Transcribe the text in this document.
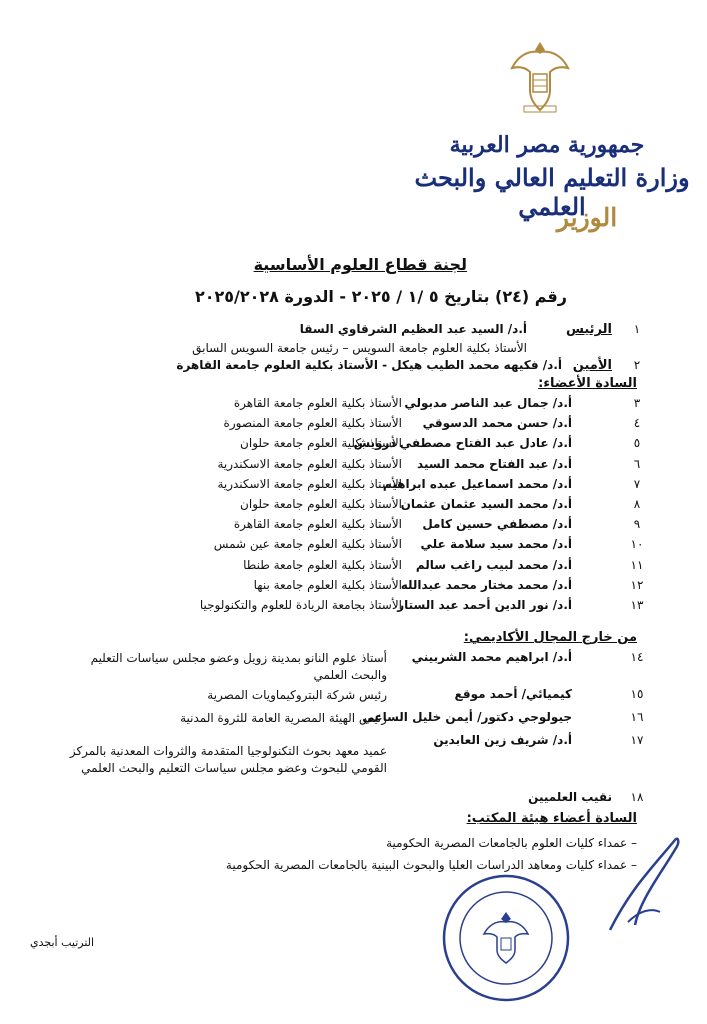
جمهورية مصر العربية
وزارة التعليم العالي والبحث العلمي
الوزير
لجنة قطاع العلوم الأساسية
رقم (٢٤) بتاريخ ٥ /١ / ٢٠٢٥ - الدورة ٢٠٢٥/٢٠٢٨
١
الرئيس
أ.د/ السيد عبد العظيم الشرقاوي السقا
الأستاذ بكلية العلوم جامعة السويس – رئيس جامعة السويس السابق
٢
الأمين
أ.د/ فكيهه محمد الطيب هيكل - الأستاذ بكلية العلوم جامعة القاهرة
السادة الأعضاء:
٣
أ.د/ جمال عبد الناصر مدبولي
الأستاذ بكلية العلوم جامعة القاهرة
٤
أ.د/ حسن محمد الدسوقي
الأستاذ بكلية العلوم جامعة المنصورة
٥
أ.د/ عادل عبد الفتاح مصطفي درويش
الأستاذ بكلية العلوم جامعة حلوان
٦
أ.د/ عبد الفتاح محمد السيد
الأستاذ بكلية العلوم جامعة الاسكندرية
٧
أ.د/ محمد اسماعيل عبده ابراهيم
الأستاذ بكلية العلوم جامعة الاسكندرية
٨
أ.د/ محمد السيد عثمان عثمان
الأستاذ بكلية العلوم جامعة حلوان
٩
أ.د/ مصطفي حسين كامل
الأستاذ بكلية العلوم جامعة القاهرة
١٠
أ.د/ محمد سيد سلامة علي
الأستاذ بكلية العلوم جامعة عين شمس
١١
أ.د/ محمد لبيب راغب سالم
الأستاذ بكلية العلوم جامعة طنطا
١٢
أ.د/ محمد مختار محمد عبدالله
الأستاذ بكلية العلوم جامعة بنها
١٣
أ.د/ نور الدين أحمد عبد الستار
الأستاذ بجامعة الريادة للعلوم والتكنولوجيا
من خارج المجال الأكاديمي:
١٤
أ.د/ ابراهيم محمد الشربيني
أستاذ علوم النانو بمدينة زويل وعضو مجلس سياسات التعليم والبحث العلمي
١٥
كيميائي/ أحمد موقع
رئيس شركة البتروكيماويات المصرية
١٦
جيولوجي دكتور/ أيمن خليل الساعي
رئيس الهيئة المصرية العامة للثروة المدنية
١٧
أ.د/ شريف زين العابدين
عميد معهد بحوث التكنولوجيا المتقدمة والثروات المعدنية بالمركز القومي للبحوث وعضو مجلس سياسات التعليم والبحث العلمي
١٨
نقيب العلميين
السادة أعضاء هيئة المكتب:
– عمداء كليات العلوم بالجامعات المصرية الحكومية
– عمداء كليات ومعاهد الدراسات العليا والبحوث البينية بالجامعات المصرية الحكومية
الترتيب أبجدي
